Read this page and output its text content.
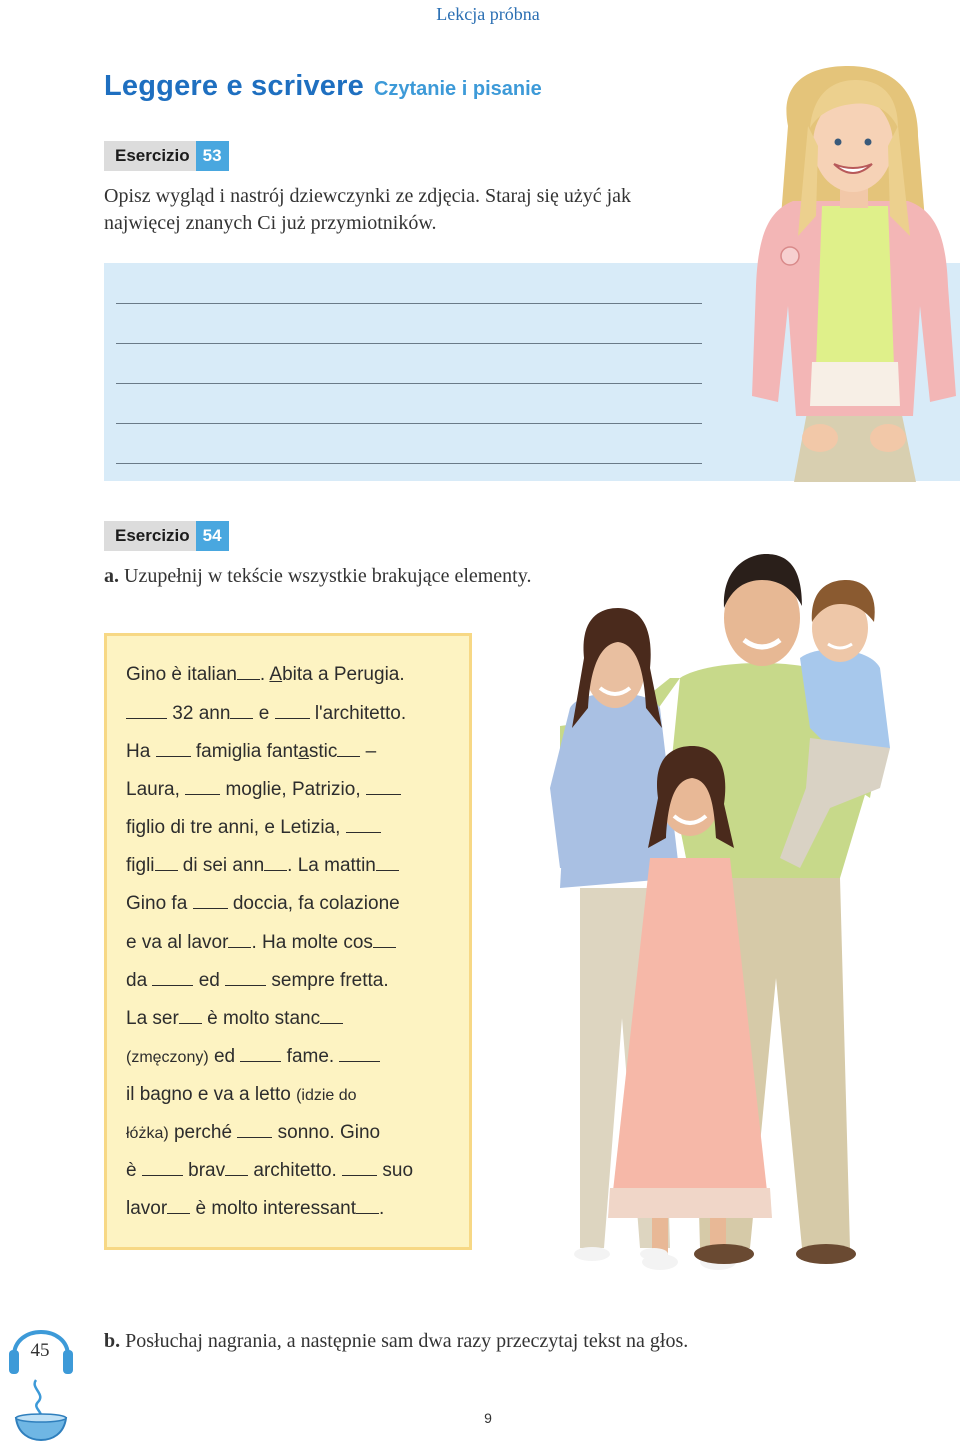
Lekcja próbna
Leggere e scrivere Czytanie i pisanie
Esercizio 53
Opisz wygląd i nastrój dziewczynki ze zdjęcia. Staraj się użyć jak
najwięcej znanych Ci już przymiotników.
Esercizio 54
a. Uzupełnij w tekście wszystkie brakujące elementy.
Gino è italian . Abita a Perugia.
32 ann e l'architetto.
Ha famiglia fantastic –
Laura, moglie, Patrizio,
figlio di tre anni, e Letizia,
figli di sei ann . La mattin
Gino fa doccia, fa colazione
e va al lavor . Ha molte cos
da	ed	sempre fretta.
La ser è molto stanc
(zmęczony) ed	fame.
il bagno e va a letto (idzie do
łóżka) perché sonno. Gino
è	brav architetto. suo
lavor è molto interessant .
b. Posłuchaj nagrania, a następnie sam dwa razy przeczytaj tekst na głos.
45
9
